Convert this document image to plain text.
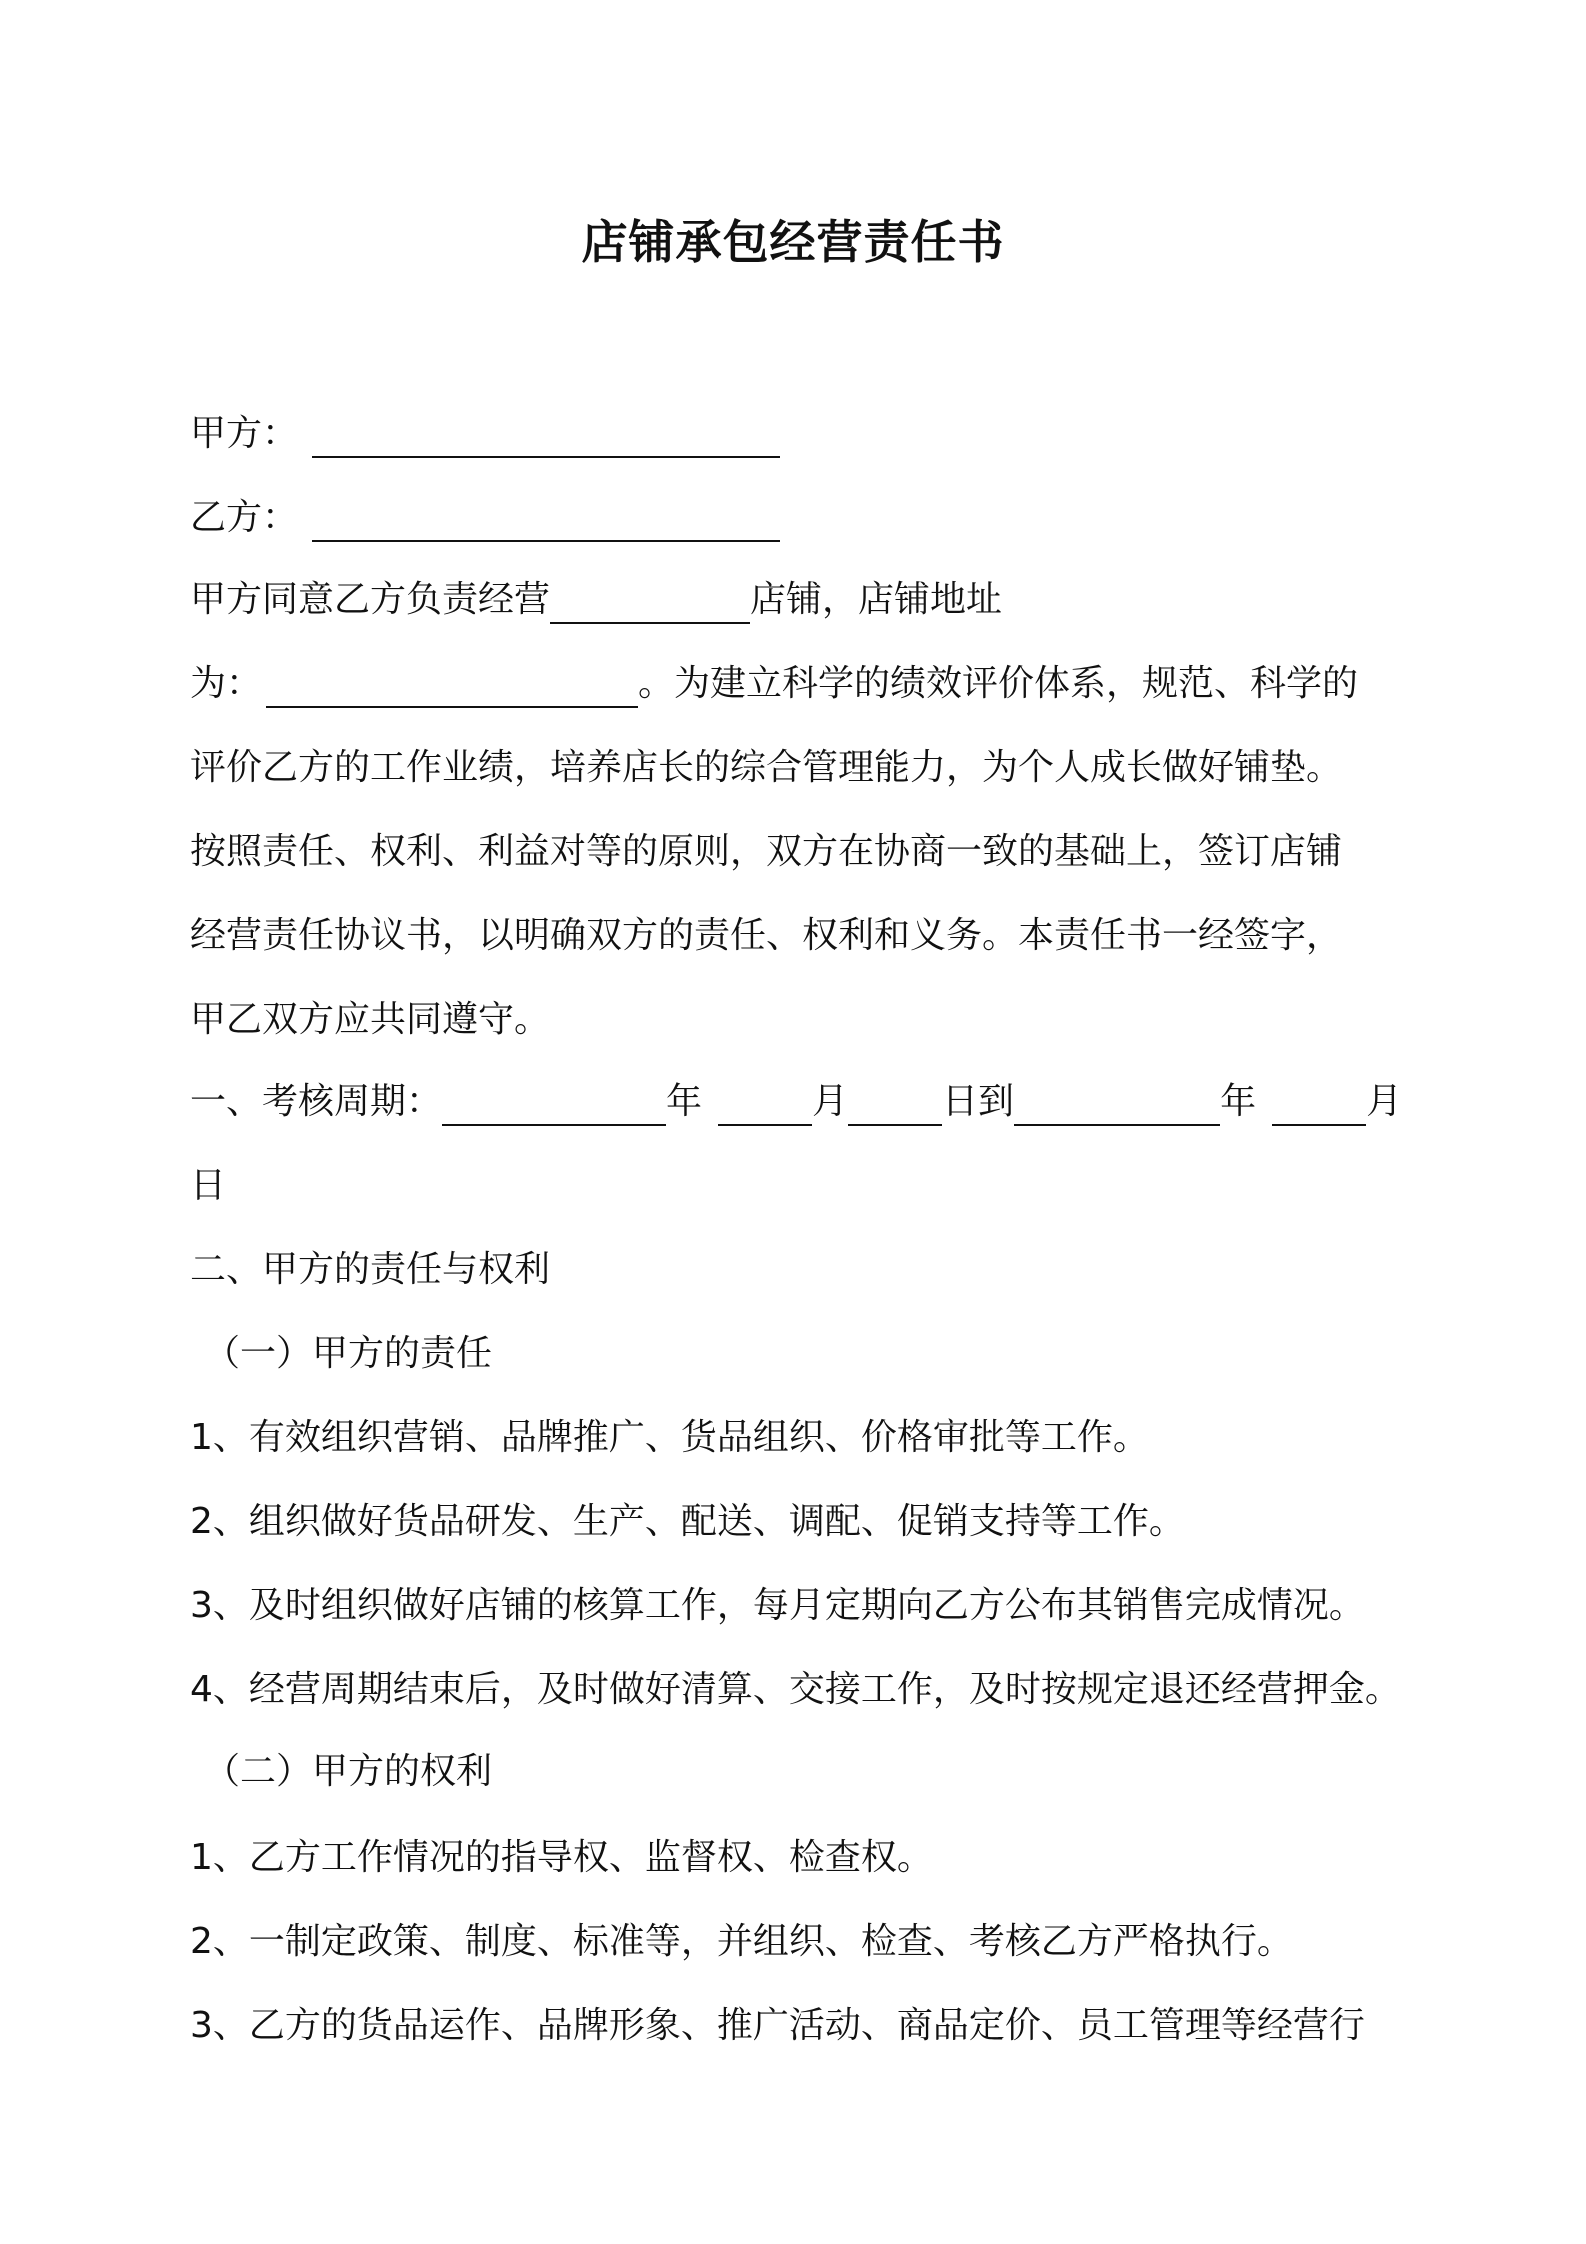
店铺承包经营责任书
甲方：
乙方：
甲方同意乙方负责经营	店铺，店铺地址
为：	。为建立科学的绩效评价体系，规范、科学的
评价乙方的工作业绩，培养店长的综合管理能力，为个人成长做好铺垫。
按照责任、权利、利益对等的原则，双方在协商一致的基础上，签订店铺
经营责任协议书，以明确双方的责任、权利和义务。本责任书一经签字，
甲乙双方应共同遵守。
一、考核周期：	年	月	日到	年	月
日
二、甲方的责任与权利
（一）甲方的责任
1、有效组织营销、品牌推广、货品组织、价格审批等工作。
2、组织做好货品研发、生产、配送、调配、促销支持等工作。
3、及时组织做好店铺的核算工作，每月定期向乙方公布其销售完成情况。
4、经营周期结束后，及时做好清算、交接工作，及时按规定退还经营押金。
（二）甲方的权利
1、乙方工作情况的指导权、监督权、检查权。
2、一制定政策、制度、标准等，并组织、检查、考核乙方严格执行。
3、乙方的货品运作、品牌形象、推广活动、商品定价、员工管理等经营行
